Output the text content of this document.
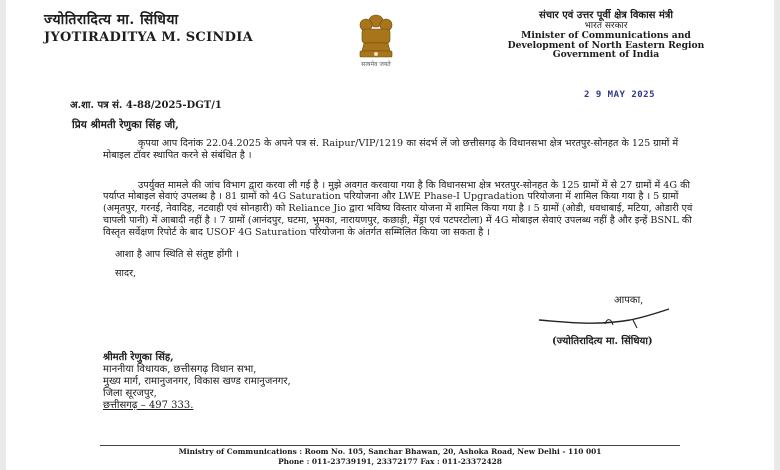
ज्योतिरादित्य मा. सिंधिया
JYOTIRADITYA M. SCINDIA
सत्यमेव जयते
संचार एवं उत्तर पूर्वी क्षेत्र विकास मंत्री
भारत सरकार
Minister of Communications and
Development of North Eastern Region
Government of India
अ.शा. पत्र सं. 4-88/2025-DGT/1
2 9 MAY 2025
प्रिय श्रीमती रेणुका सिंह जी,

कृपया आप दिनांक 22.04.2025 के अपने पत्र सं. Raipur/VIP/1219 का संदर्भ लें जो छत्तीसगढ़ के विधानसभा क्षेत्र भरतपुर-सोनहत के 125 ग्रामों में मोबाइल टॉवर स्थापित करने से संबंधित है ।

उपर्युक्त मामले की जांच विभाग द्वारा करवा ली गई है । मुझे अवगत करवाया गया है कि विधानसभा क्षेत्र भरतपुर-सोनहत के 125 ग्रामों में से 27 ग्रामों में 4G की पर्याप्त मोबाइल सेवाएं उपलब्ध है । 81 ग्रामों को 4G Saturation परियोजना और LWE Phase-I Upgradation परियोजना में शामिल किया गया है । 5 ग्रामों (अमृतपुर, गरनई, नेवादिह, नटवाही एवं सोनहारी) को Reliance Jio द्वारा भविष्य विस्तार योजना में शामिल किया गया है । 5 ग्रामों (ओडी, धवधाबाई, मटिया, ओडारी एवं चापली पानी) में आबादी नहीं है । 7 ग्रामों (आनंदपुर, घटमा, भुमका, नारायणपुर, कछाड़ी, मेंड्रा एवं पटपरटोला) में 4G मोबाइल सेवाएं उपलब्ध नहीं है और इन्हें BSNL की विस्तृत सर्वेक्षण रिपोर्ट के बाद USOF 4G Saturation परियोजना के अंतर्गत सम्मिलित किया जा सकता है ।

आशा है आप स्थिति से संतुष्ट होंगी ।

सादर,

आपका,
(ज्योतिरादित्य मा. सिंधिया)
श्रीमती रेणुका सिंह,
माननीया विधायक, छत्तीसगढ़ विधान सभा,
मुख्य मार्ग, रामानुजनगर, विकास खण्ड रामानुजनगर,
जिला सूरजपुर,
छत्तीसगढ़ – 497 333.
Ministry of Communications : Room No. 105, Sanchar Bhawan, 20, Ashoka Road, New Delhi - 110 001
Phone : 011-23739191, 23372177 Fax : 011-23372428
